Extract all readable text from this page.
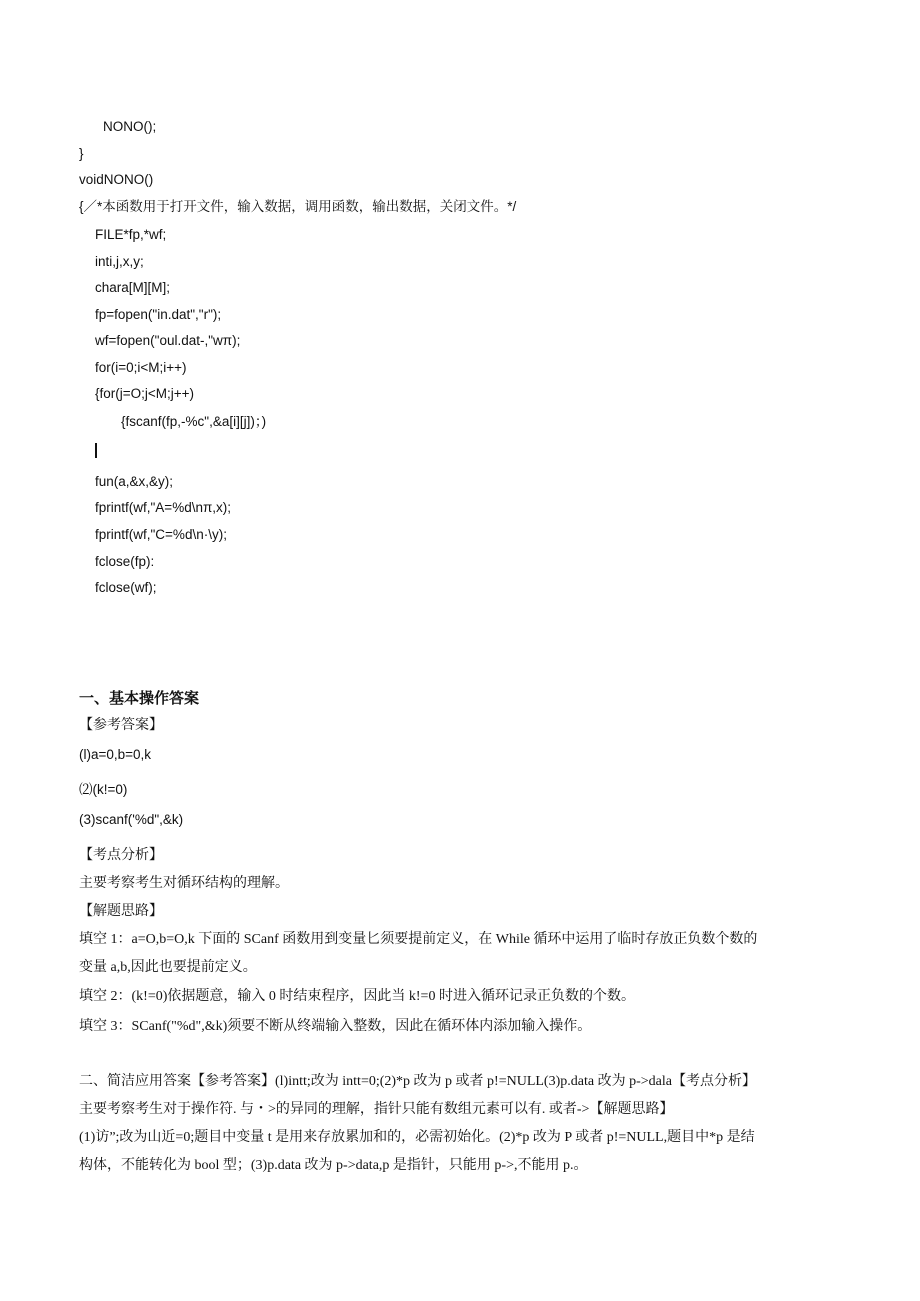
NONO();
}
voidNONO()
{／*本函数用于打开文件，输入数据，调用函数，输出数据，关闭文件。*/
FILE*fp,*wf;
inti,j,x,y;
chara[M][M];
fp=fopen("in.dat","r");
wf=fopen("oul.dat-,"wπ);
for(i=0;i<M;i++)
{for(j=O;j<M;j++)
{fscanf(fp,-%c",&a[i][j])；)
fun(a,&x,&y);
fprintf(wf,"A=%d\nπ,x);
fprintf(wf,"C=%d\n·\y);
fclose(fp):
fclose(wf);
一、基本操作答案
【参考答案】
(l)a=0,b=0,k
⑵(k!=0)
(3)scanf('%d",&k)
【考点分析】
主要考察考生对循环结构的理解。
【解题思路】
填空 1：a=O,b=O,k 下面的 SCanf 函数用到变量匕须要提前定义，在 While 循环中运用了临时存放正负数个数的
变量 a,b,因此也要提前定义。
填空 2：(k!=0)依据题意，输入 0 时结束程序，因此当 k!=0 时进入循环记录正负数的个数。
填空 3：SCanf("%d",&k)须要不断从终端输入整数，因此在循环体内添加输入操作。
二、简洁应用答案【参考答案】(l)intt;改为 intt=0;(2)*p 改为 p 或者 p!=NULL(3)p.data 改为 p->dala【考点分析】
主要考察考生对于操作符. 与・>的异同的理解，指针只能有数组元素可以有. 或者->【解题思路】
(1)访”;改为山近=0;题目中变量 t 是用来存放累加和的，必需初始化。(2)*p 改为 P 或者 p!=NULL,题目中*p 是结
构体，不能转化为 bool 型；(3)p.data 改为 p->data,p 是指针，只能用 p->,不能用 p.。
